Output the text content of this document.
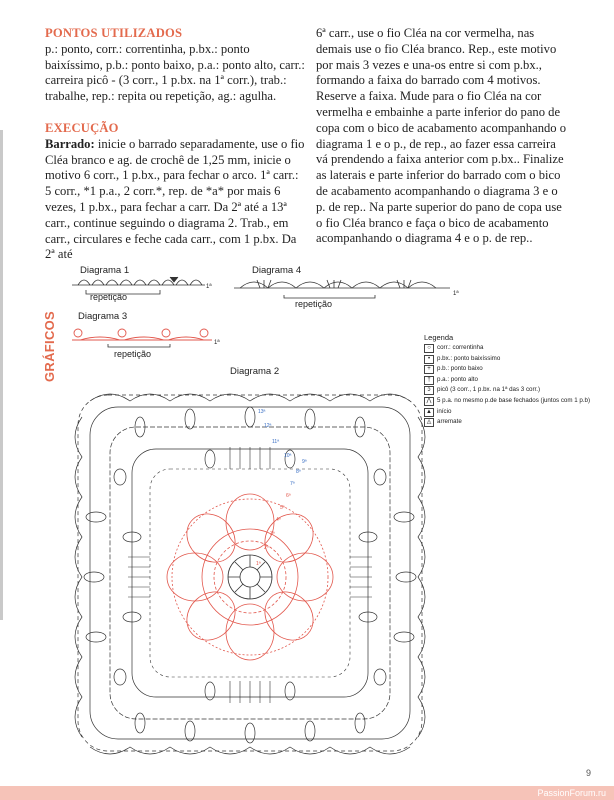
PONTOS UTILIZADOS

p.: ponto, corr.: correntinha, p.bx.: ponto baixíssimo, p.b.: ponto baixo, p.a.: ponto alto, carr.: carreira picô - (3 corr., 1 p.bx. na 1ª corr.), trab.: trabalhe, rep.: repita ou repetição, ag.: agulha.

EXECUÇÃO

Barrado: inicie o barrado separadamente, use o fio Cléa branco e ag. de crochê de 1,25 mm, inicie o motivo 6 corr., 1 p.bx., para fechar o arco. 1ª carr.: 5 corr., *1 p.a., 2 corr.*, rep. de *a* por mais 6 vezes, 1 p.bx., para fechar a carr. Da 2ª até a 13ª carr., continue seguindo o diagrama 2. Trab., em carr., circulares e feche cada carr., com 1 p.bx. Da 2ª até

6ª carr., use o fio Cléa na cor vermelha, nas demais use o fio Cléa branco. Rep., este motivo por mais 3 vezes e una-os entre si com p.bx., formando a faixa do barrado com 4 motivos. Reserve a faixa. Mude para o fio Cléa na cor vermelha e embainhe a parte inferior do pano de copa com o bico de acabamento acompanhando o diagrama 1 e o p., de rep., ao fazer essa carreira vá prendendo a faixa anterior com p.bx.. Finalize as laterais e parte inferior do barrado com o bico de acabamento acompanhando o diagrama 3 e o p. de rep.. Na parte superior do pano de copa use o fio Cléa branco e faça o bico de acabamento acompanhando o diagrama 4 e o p. de rep..

Diagrama 1	Diagrama 4
Diagrama 3
Diagrama 2
repetição
repetição
repetição
1ª
1ª
1ª
1ª
2ª
3ª
4ª
5ª
6ª
7ª
8ª
9ª
10ª
11ª
12ª
13ª
GRÁFICOS	Legenda
○ corr.: correntinha
•	p.bx.: ponto baixíssimo
+	p.b.: ponto baixo
†	p.a.: ponto alto
ↄ	picô (3 corr., 1 p.bx. na 1ª das 3 corr.)
⋀ 5 p.a. no mesmo p.de base fechados (juntos com 1 p.b)
▲ início
◬ arremate
9
PassionForum.ru
